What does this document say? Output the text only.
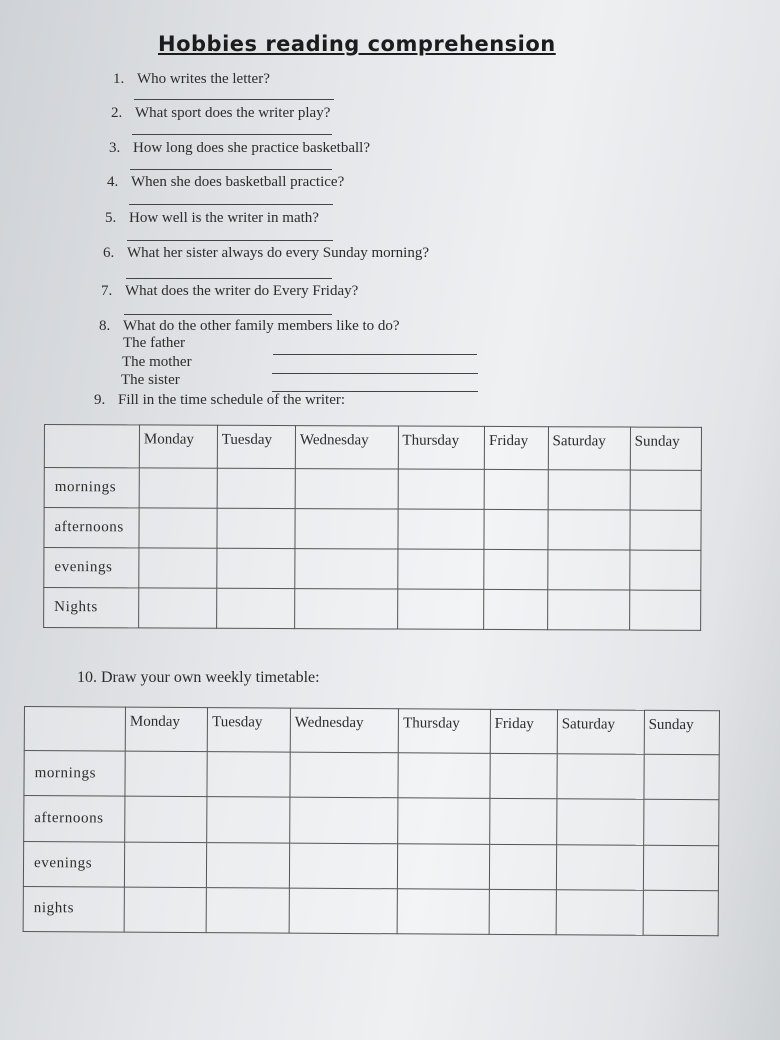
Hobbies reading comprehension
1. Who writes the letter?
2. What sport does the writer play?
3. How long does she practice basketball?
4. When she does basketball practice?
5. How well is the writer in math?
6. What her sister always do every Sunday morning?
7. What does the writer do Every Friday?
8. What do the other family members like to do?
The father
The mother
The sister
9. Fill in the time schedule of the writer:
	Monday	Tuesday	Wednesday	Thursday	Friday	Saturday	Sunday
mornings							
afternoons							
evenings							
Nights							
10. Draw your own weekly timetable:
	Monday	Tuesday	Wednesday	Thursday	Friday	Saturday	Sunday
mornings							
afternoons							
evenings							
nights							
